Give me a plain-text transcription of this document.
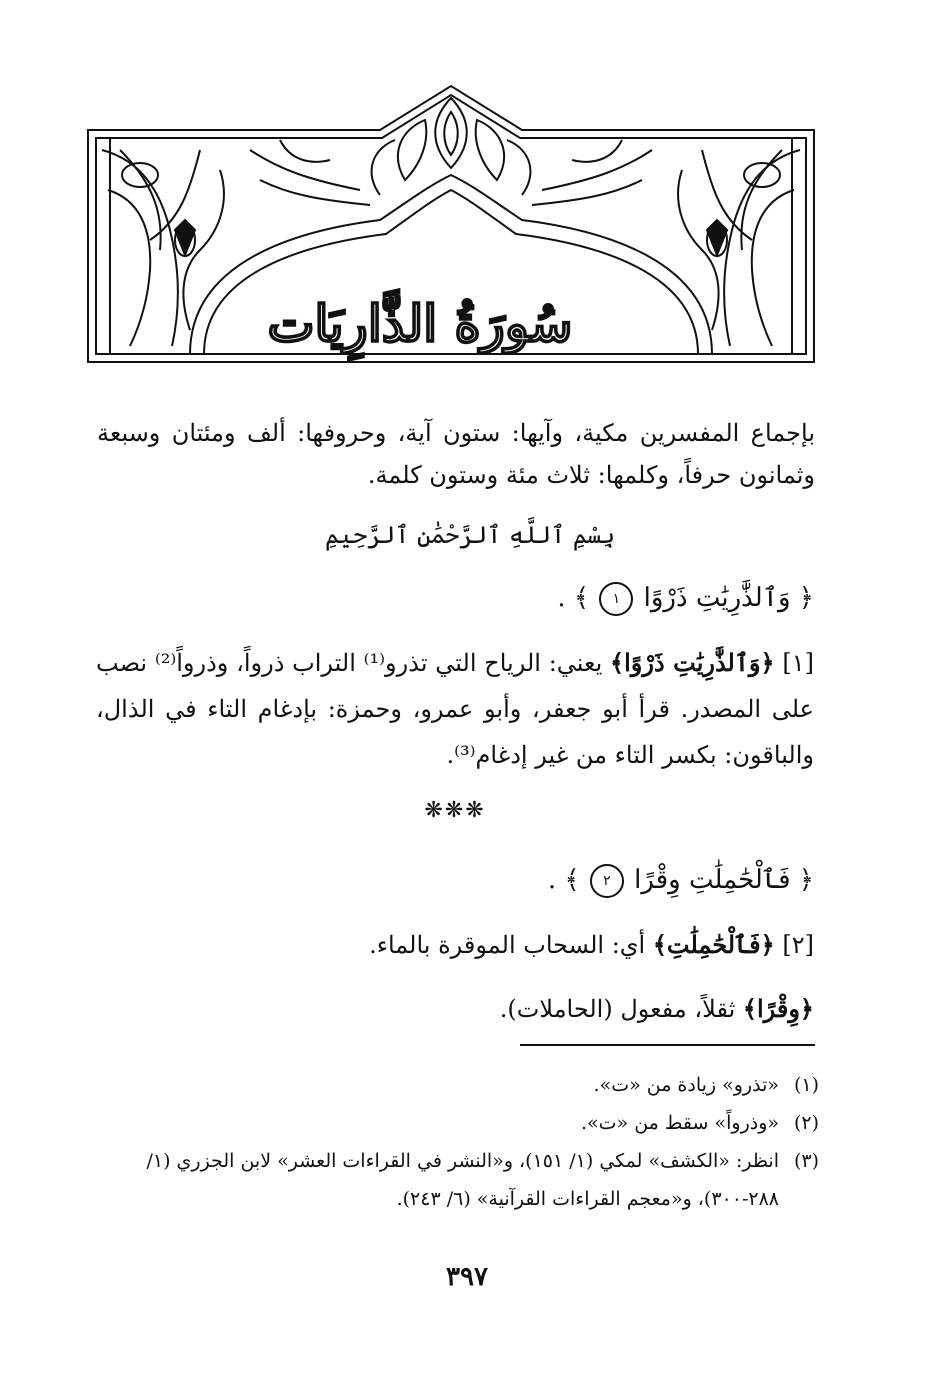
سُورَةُ الذَّارِيَات

بإجماع المفسرين مكية، وآيها: ستون آية، وحروفها: ألف ومئتان وسبعة وثمانون حرفاً، وكلمها: ثلاث مئة وستون كلمة.

بِسْمِ ٱللَّهِ ٱلرَّحْمَٰنِ ٱلرَّحِيمِ
﴿ وَٱلذَّٰرِيَٰتِ ذَرْوًا ١ ﴾ .

[١] ﴿وَٱلذَّٰرِيَٰتِ ذَرْوًا﴾ يعني: الرياح التي تذرو⁽¹⁾ التراب ذرواً، وذرواً⁽²⁾ نصب على المصدر. قرأ أبو جعفر، وأبو عمرو، وحمزة: بإدغام التاء في الذال، والباقون: بكسر التاء من غير إدغام⁽³⁾.

❋❋❋
﴿ فَٱلْحَٰمِلَٰتِ وِقْرًا ٢ ﴾ .

[٢] ﴿فَٱلْحَٰمِلَٰتِ﴾ أي: السحاب الموقرة بالماء.

﴿وِقْرًا﴾ ثقلاً، مفعول (الحاملات).

(١)
«تذرو» زيادة من «ت».
(٢)
«وذرواً» سقط من «ت».
(٣)
انظر: «الكشف» لمكي (١/ ١٥١)، و«النشر في القراءات العشر» لابن الجزري (١/ ٢٨٨-٣٠٠)، و«معجم القراءات القرآنية» (٦/ ٢٤٣).
٣٩٧
